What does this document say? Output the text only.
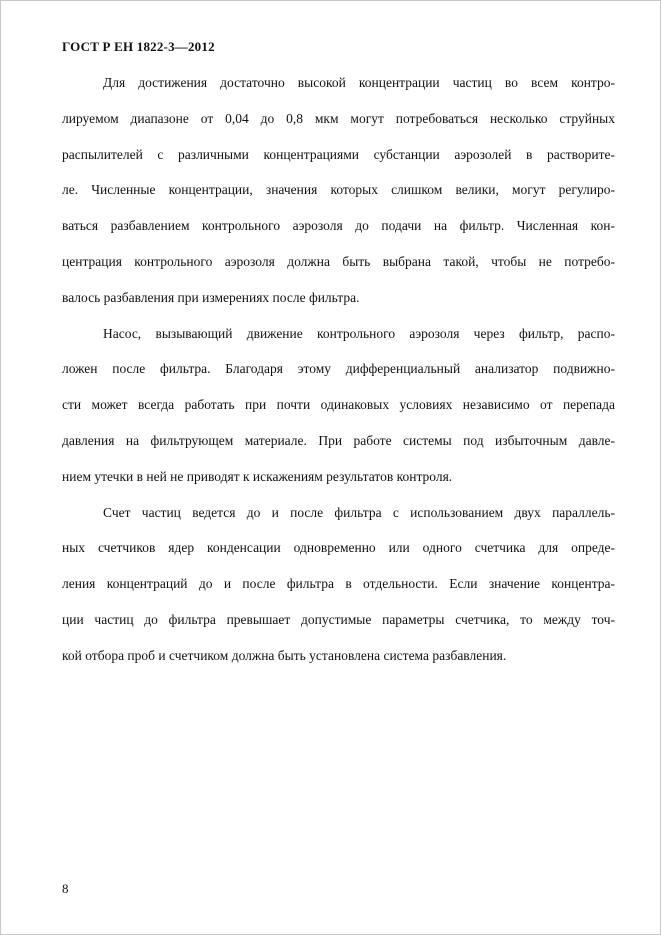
ГОСТ Р ЕН 1822-3—2012

Для достижения достаточно высокой концентрации частиц во всем контро-
лируемом диапазоне от 0,04 до 0,8 мкм могут потребоваться несколько струйных
распылителей с различными концентрациями субстанции аэрозолей в растворите-
ле. Численные концентрации, значения которых слишком велики, могут регулиро-
ваться разбавлением контрольного аэрозоля до подачи на фильтр. Численная кон-
центрация контрольного аэрозоля должна быть выбрана такой, чтобы не потребо-
валось разбавления при измерениях после фильтра.

Насос, вызывающий движение контрольного аэрозоля через фильтр, распо-
ложен после фильтра. Благодаря этому дифференциальный анализатор подвижно-
сти может всегда работать при почти одинаковых условиях независимо от перепада
давления на фильтрующем материале. При работе системы под избыточным давле-
нием утечки в ней не приводят к искажениям результатов контроля.

Счет частиц ведется до и после фильтра с использованием двух параллель-
ных счетчиков ядер конденсации одновременно или одного счетчика для опреде-
ления концентраций до и после фильтра в отдельности. Если значение концентра-
ции частиц до фильтра превышает допустимые параметры счетчика, то между точ-
кой отбора проб и счетчиком должна быть установлена система разбавления.

8
